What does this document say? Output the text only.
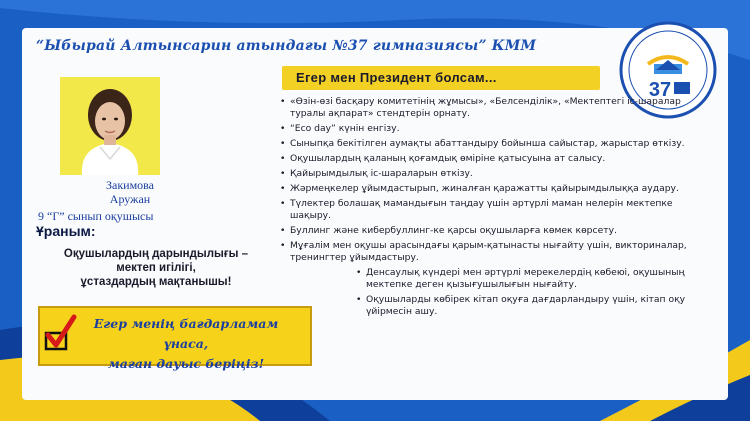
“Ыбырай Алтынсарин атындағы №37 гимназиясы” КММ
37
Закимова
Аружан
9 “Г” сынып оқушысы
Ұраным:
Оқушылардың дарындылығы –
мектеп игілігі,
ұстаздардың мақтанышы!
Егер менің бағдарламам ұнаса,
маған дауыс беріңіз!
Егер мен Президент болсам...
• «Өзін-өзі басқару комитетінің жұмысы», «Белсенділік», «Мектептегі іс-шаралар туралы ақпарат» стендтерін орнату.
• “Eco day” күнін енгізу.
• Сыныпқа бекітілген аумақты абаттандыру бойынша сайыстар, жарыстар өткізу.
• Оқушылардың қаланың қоғамдық өміріне қатысуына ат салысу.
• Қайырымдылық іс-шараларын өткізу.
• Жәрмеңкелер ұйымдастырып, жиналған қаражатты қайырымдылыққа аудару.
• Түлектер болашақ мамандығын таңдау үшін әртүрлі маман нелерін мектепке шақыру.
• Буллинг және кибербуллинг-ке қарсы оқушыларға көмек көрсету.
• Мұғалім мен оқушы арасындағы қарым-қатынасты нығайту үшін, викториналар, тренингтер ұйымдастыру.
• Денсаулық күндері мен әртүрлі мерекелердің көбеюі, оқушының мектепке деген қызығушылығын нығайту.
• Оқушыларды көбірек кітап оқуға дағдарландыру үшін, кітап оқу үйірмесін ашу.
